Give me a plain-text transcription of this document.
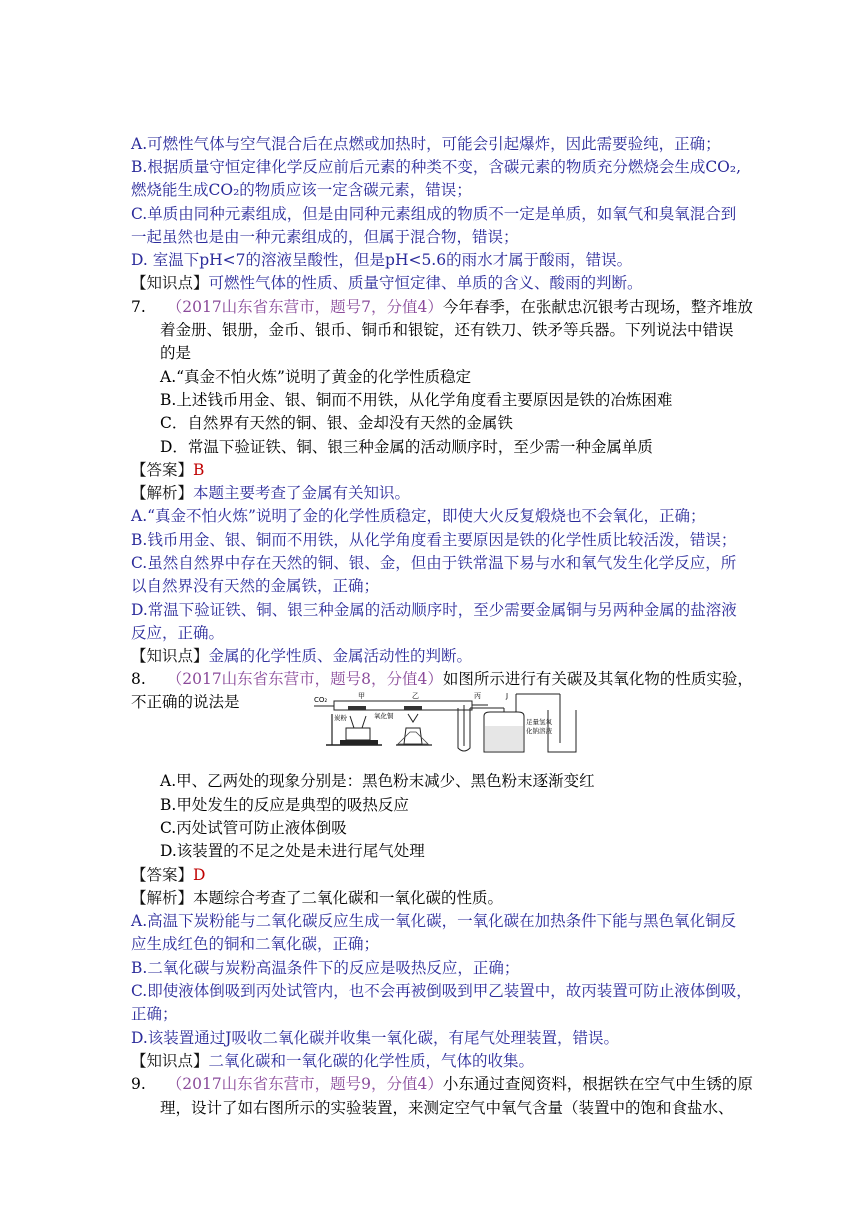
A.可燃性气体与空气混合后在点燃或加热时，可能会引起爆炸，因此需要验纯，正确；
B.根据质量守恒定律化学反应前后元素的种类不变，含碳元素的物质充分燃烧会生成CO₂,
燃烧能生成CO₂的物质应该一定含碳元素，错误；
C.单质由同种元素组成，但是由同种元素组成的物质不一定是单质，如氧气和臭氧混合到
一起虽然也是由一种元素组成的，但属于混合物，错误；
D. 室温下pH<7的溶液呈酸性，但是pH<5.6的雨水才属于酸雨，错误。
【知识点】可燃性气体的性质、质量守恒定律、单质的含义、酸雨的判断。
7. （2017山东省东营市，题号7，分值4）今年春季，在张献忠沉银考古现场，整齐堆放
着金册、银册，金币、银币、铜币和银锭，还有铁刀、铁矛等兵器。下列说法中错误
的是
A.“真金不怕火炼”说明了黄金的化学性质稳定
B.上述钱币用金、银、铜而不用铁，从化学角度看主要原因是铁的冶炼困难
C．自然界有天然的铜、银、金却没有天然的金属铁
D．常温下验证铁、铜、银三种金属的活动顺序时，至少需一种金属单质
【答案】B
【解析】本题主要考查了金属有关知识。
A.“真金不怕火炼”说明了金的化学性质稳定，即使大火反复煅烧也不会氧化，正确；
B.钱币用金、银、铜而不用铁，从化学角度看主要原因是铁的化学性质比较活泼，错误；
C.虽然自然界中存在天然的铜、银、金，但由于铁常温下易与水和氧气发生化学反应，所
以自然界没有天然的金属铁，正确；
D.常温下验证铁、铜、银三种金属的活动顺序时，至少需要金属铜与另两种金属的盐溶液
反应，正确。
【知识点】金属的化学性质、金属活动性的判断。
8. （2017山东省东营市，题号8，分值4）如图所示进行有关碳及其氧化物的性质实验，
不正确的说法是	CO₂	甲	乙
炭粉	氧化铜
丙	J
足量氢氧
化钠溶液
A.甲、乙两处的现象分别是：黑色粉末减少、黑色粉末逐渐变红
B.甲处发生的反应是典型的吸热反应
C.丙处试管可防止液体倒吸
D.该装置的不足之处是未进行尾气处理
【答案】D
【解析】本题综合考查了二氧化碳和一氧化碳的性质。
A.高温下炭粉能与二氧化碳反应生成一氧化碳，一氧化碳在加热条件下能与黑色氧化铜反
应生成红色的铜和二氧化碳，正确；
B.二氧化碳与炭粉高温条件下的反应是吸热反应，正确；
C.即使液体倒吸到丙处试管内，也不会再被倒吸到甲乙装置中，故丙装置可防止液体倒吸，
正确；
D.该装置通过J吸收二氧化碳并收集一氧化碳，有尾气处理装置，错误。
【知识点】二氧化碳和一氧化碳的化学性质，气体的收集。
9. （2017山东省东营市，题号9，分值4）小东通过查阅资料，根据铁在空气中生锈的原
理，设计了如右图所示的实验装置，来测定空气中氧气含量（装置中的饱和食盐水、
